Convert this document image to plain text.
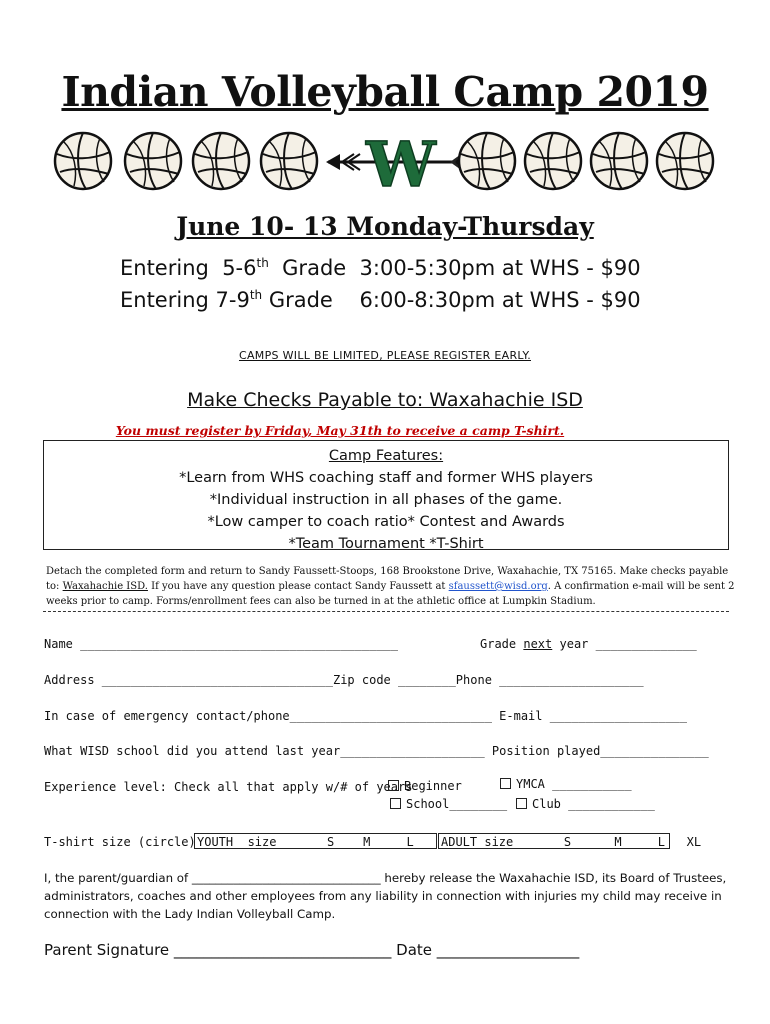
Indian Volleyball Camp 2019
W
June 10- 13 Monday-Thursday
Entering  5-6th  Grade  3:00-5:30pm at WHS - $90
Entering 7-9th Grade    6:00-8:30pm at WHS - $90
CAMPS WILL BE LIMITED, PLEASE REGISTER EARLY.
Make Checks Payable to: Waxahachie ISD
You must register by Friday, May 31th to receive a camp T-shirt.
Camp Features:
*Learn from WHS coaching staff and former WHS players
*Individual instruction in all phases of the game.
*Low camper to coach ratio* Contest and Awards
*Team Tournament *T-Shirt
Detach the completed form and return to Sandy Faussett-Stoops, 168 Brookstone Drive, Waxahachie, TX 75165. Make checks payable to: Waxahachie ISD. If you have any question please contact Sandy Faussett at sfaussett@wisd.org. A confirmation e-mail will be sent 2 weeks prior to camp. Forms/enrollment fees can also be turned in at the athletic office at Lumpkin Stadium.
Name ____________________________________________	Grade next year ______________
Address ________________________________Zip code ________Phone ____________________
In case of emergency contact/phone____________________________ E-mail ___________________
What WISD school did you attend last year____________________ Position played_______________
Experience level: Check all that apply w/# of years
Beginner	YMCA ___________
School________	Club ____________
T-shirt size (circle) YOUTH  size       S    M     L	ADULT size       S      M     L   XL
I, the parent/guardian of ________________________________ hereby release the Waxahachie ISD, its Board of Trustees, administrators, coaches and other employees from any liability in connection with injuries my child may receive in connection with the Lady Indian Volleyball Camp.
Parent Signature _____________________________ Date ___________________
